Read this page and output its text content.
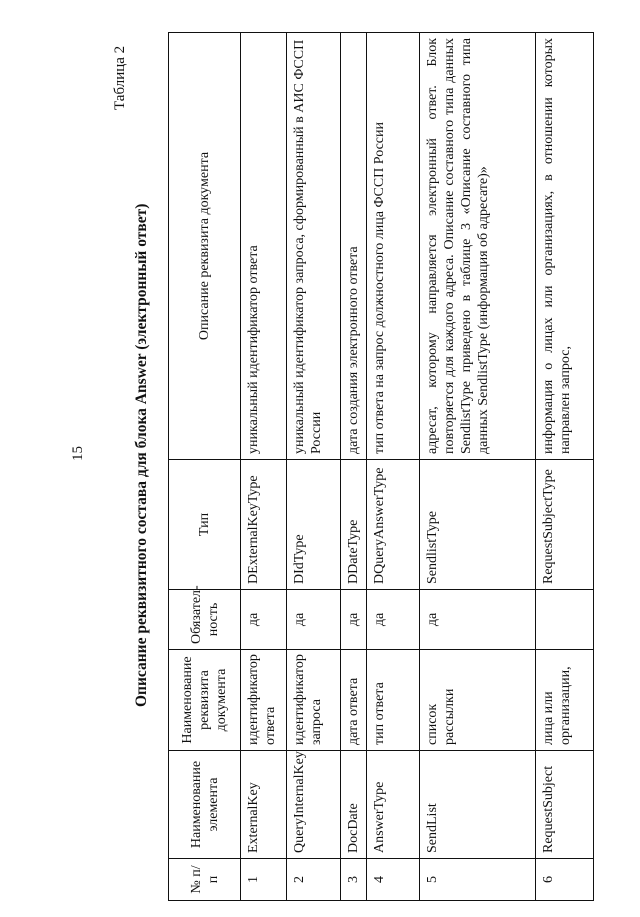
15
Таблица 2
Описание реквизитного состава для блока Answer (электронный ответ)
№ п/п	Наименование элемента	Наименование реквизита документа	Обязател-ность	Тип	Описание реквизита документа
1	ExternalKey	идентификатор ответа	да	DExternalKeyType	уникальный идентификатор ответа
2	QueryInternalKey	идентификатор запроса	да	DIdType	уникальный идентификатор запроса, сформированный в АИС ФССП России
3	DocDate	дата ответа	да	DDateType	дата создания электронного ответа
4	AnswerType	тип ответа	да	DQueryAnswerType	тип ответа на запрос должностного лица ФССП России
5	SendList	список рассылки	да	SendlistType	адресат, которому направляется электронный ответ. Блок повторяется для каждого адреса. Описание составного типа данных SendlistType приведено в таблице 3 «Описание составного типа данных SendlistType (информация об адресате)»
6	RequestSubject	лица или организации,		RequestSubjectType	информация о лицах или организациях, в отношении которых направлен запрос,
